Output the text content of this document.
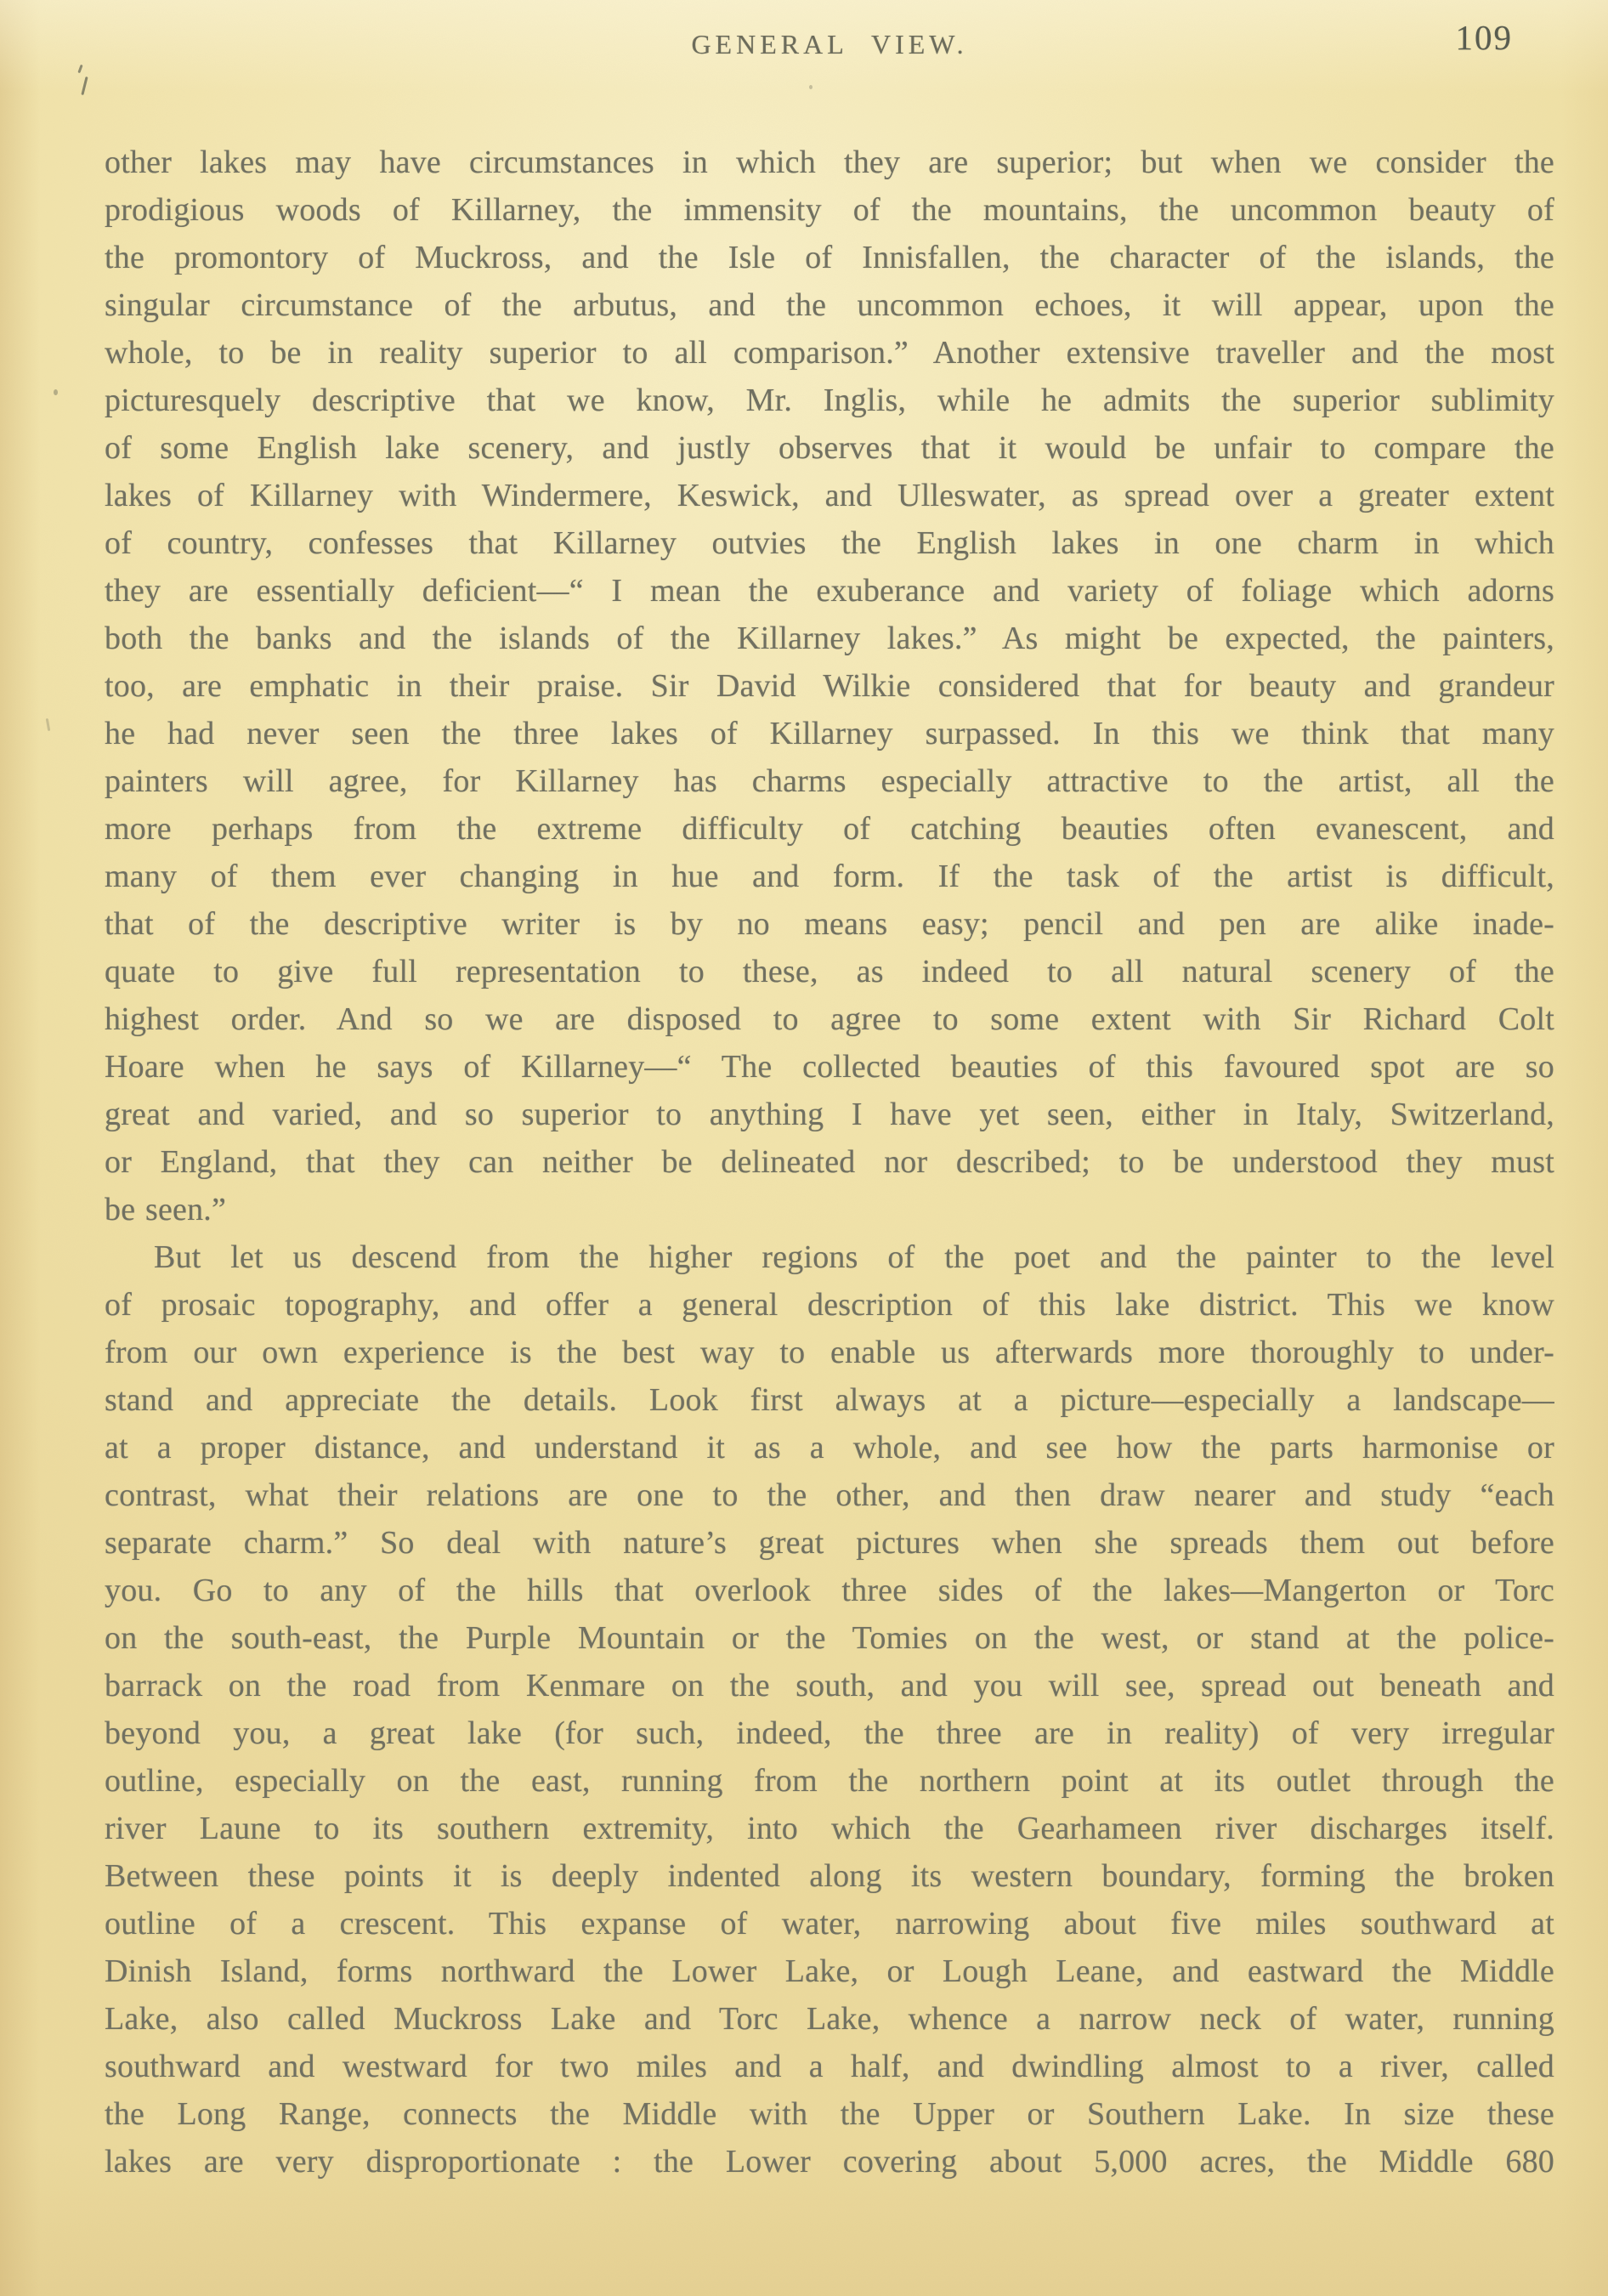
GENERAL VIEW.	109
other lakes may have circumstances in which they are superior; but when we consider the
prodigious woods of Killarney, the immensity of the mountains, the uncommon beauty of
the promontory of Muckross, and the Isle of Innisfallen, the character of the islands, the
singular circumstance of the arbutus, and the uncommon echoes, it will appear, upon the
whole, to be in reality superior to all comparison.” Another extensive traveller and the most
picturesquely descriptive that we know, Mr. Inglis, while he admits the superior sublimity
of some English lake scenery, and justly observes that it would be unfair to compare the
lakes of Killarney with Windermere, Keswick, and Ulleswater, as spread over a greater extent
of country, confesses that Killarney outvies the English lakes in one charm in which
they are essentially deficient—“ I mean the exuberance and variety of foliage which adorns
both the banks and the islands of the Killarney lakes.” As might be expected, the painters,
too, are emphatic in their praise. Sir David Wilkie considered that for beauty and grandeur
he had never seen the three lakes of Killarney surpassed. In this we think that many
painters will agree, for Killarney has charms especially attractive to the artist, all the
more perhaps from the extreme difficulty of catching beauties often evanescent, and
many of them ever changing in hue and form. If the task of the artist is difficult,
that of the descriptive writer is by no means easy; pencil and pen are alike inade-
quate to give full representation to these, as indeed to all natural scenery of the
highest order. And so we are disposed to agree to some extent with Sir Richard Colt
Hoare when he says of Killarney—“ The collected beauties of this favoured spot are so
great and varied, and so superior to anything I have yet seen, either in Italy, Switzerland,
or England, that they can neither be delineated nor described; to be understood they must
be seen.”
But let us descend from the higher regions of the poet and the painter to the level
of prosaic topography, and offer a general description of this lake district. This we know
from our own experience is the best way to enable us afterwards more thoroughly to under-
stand and appreciate the details. Look first always at a picture—especially a landscape—
at a proper distance, and understand it as a whole, and see how the parts harmonise or
contrast, what their relations are one to the other, and then draw nearer and study “each
separate charm.” So deal with nature’s great pictures when she spreads them out before
you. Go to any of the hills that overlook three sides of the lakes—Mangerton or Torc
on the south-east, the Purple Mountain or the Tomies on the west, or stand at the police-
barrack on the road from Kenmare on the south, and you will see, spread out beneath and
beyond you, a great lake (for such, indeed, the three are in reality) of very irregular
outline, especially on the east, running from the northern point at its outlet through the
river Laune to its southern extremity, into which the Gearhameen river discharges itself.
Between these points it is deeply indented along its western boundary, forming the broken
outline of a crescent. This expanse of water, narrowing about five miles southward at
Dinish Island, forms northward the Lower Lake, or Lough Leane, and eastward the Middle
Lake, also called Muckross Lake and Torc Lake, whence a narrow neck of water, running
southward and westward for two miles and a half, and dwindling almost to a river, called
the Long Range, connects the Middle with the Upper or Southern Lake. In size these
lakes are very disproportionate : the Lower covering about 5,000 acres, the Middle 680
